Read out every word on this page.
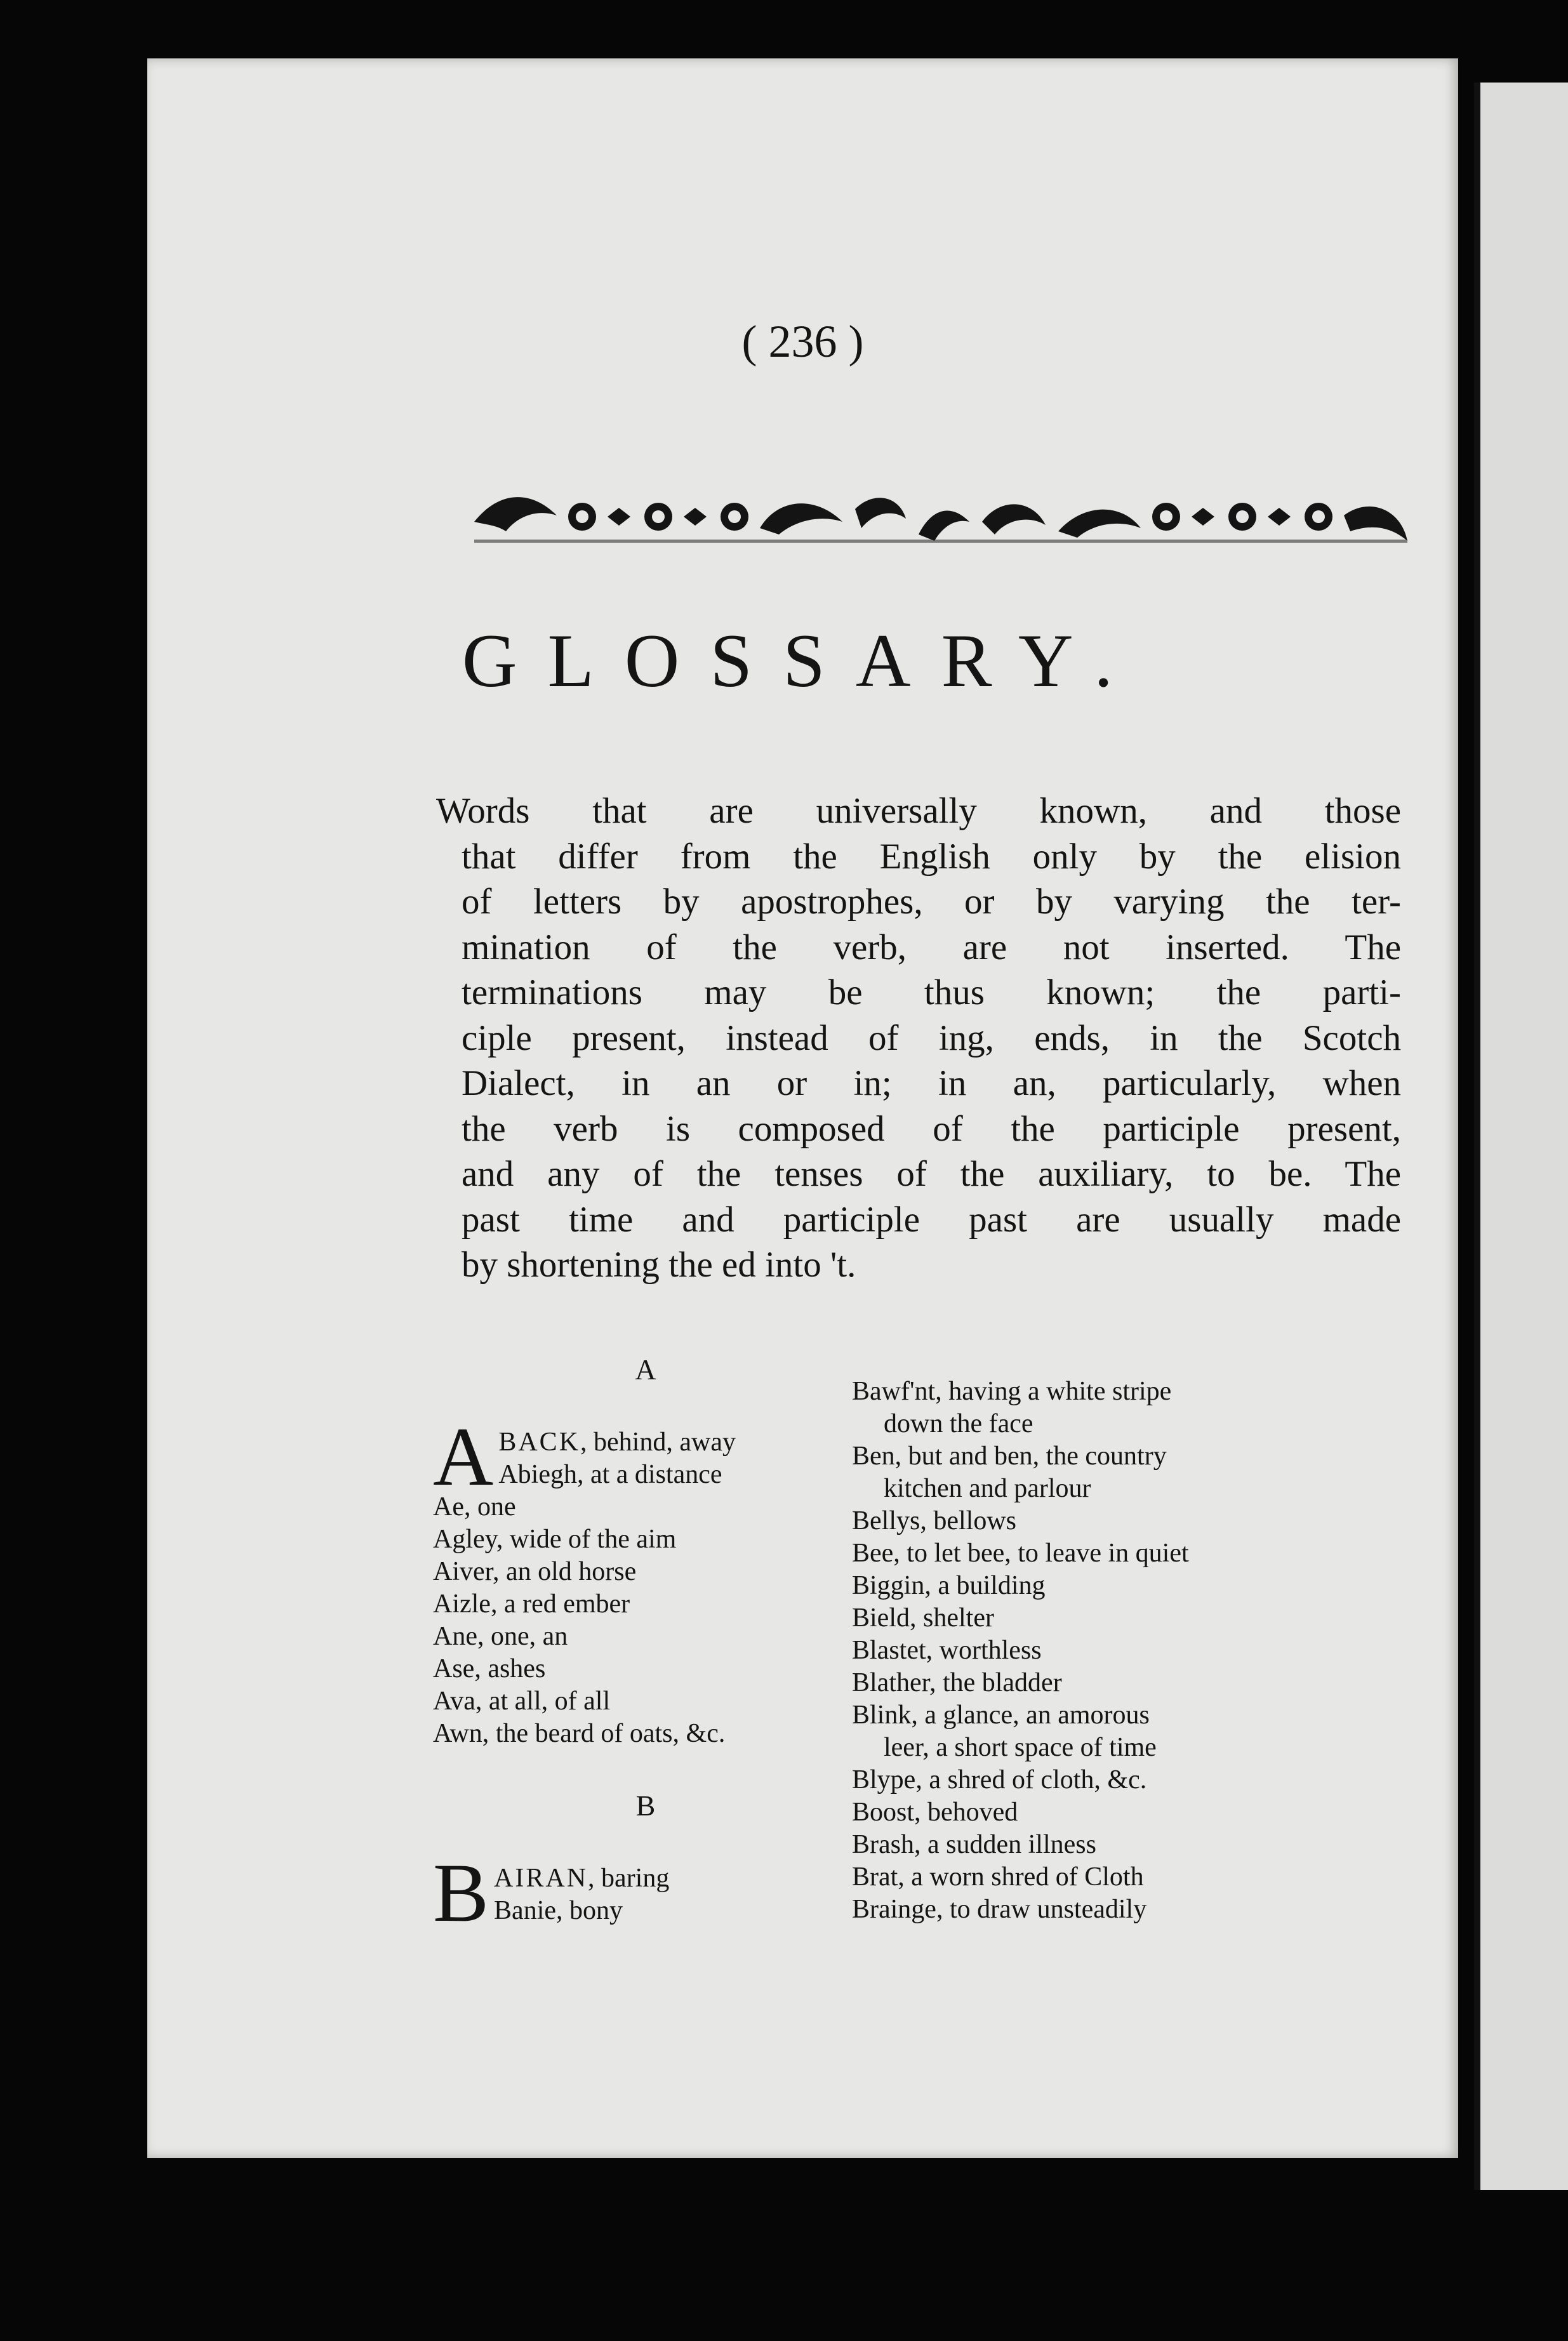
( 236 )
GLOSSARY.
Words that are universally known, and those
that differ from the English only by the elision
of letters by apostrophes, or by varying the ter-
mination of the verb, are not inserted. The
terminations may be thus known; the parti-
ciple present, instead of ing, ends, in the Scotch
Dialect, in an or in; in an, particularly, when
the verb is composed of the participle present,
and any of the tenses of the auxiliary, to be. The
past time and participle past are usually made
by shortening the ed into 't.
A
A BACK, behind, away
Abiegh, at a distance
Ae, one
Agley, wide of the aim
Aiver, an old horse
Aizle, a red ember
Ane, one, an
Ase, ashes
Ava, at all, of all
Awn, the beard of oats, &c.
B
B AIRAN, baring
Banie, bony
Bawf'nt, having a white stripe
down the face
Ben, but and ben, the country
kitchen and parlour
Bellys, bellows
Bee, to let bee, to leave in quiet
Biggin, a building
Bield, shelter
Blastet, worthless
Blather, the bladder
Blink, a glance, an amorous
leer, a short space of time
Blype, a shred of cloth, &c.
Boost, behoved
Brash, a sudden illness
Brat, a worn shred of Cloth
Brainge, to draw unsteadily
